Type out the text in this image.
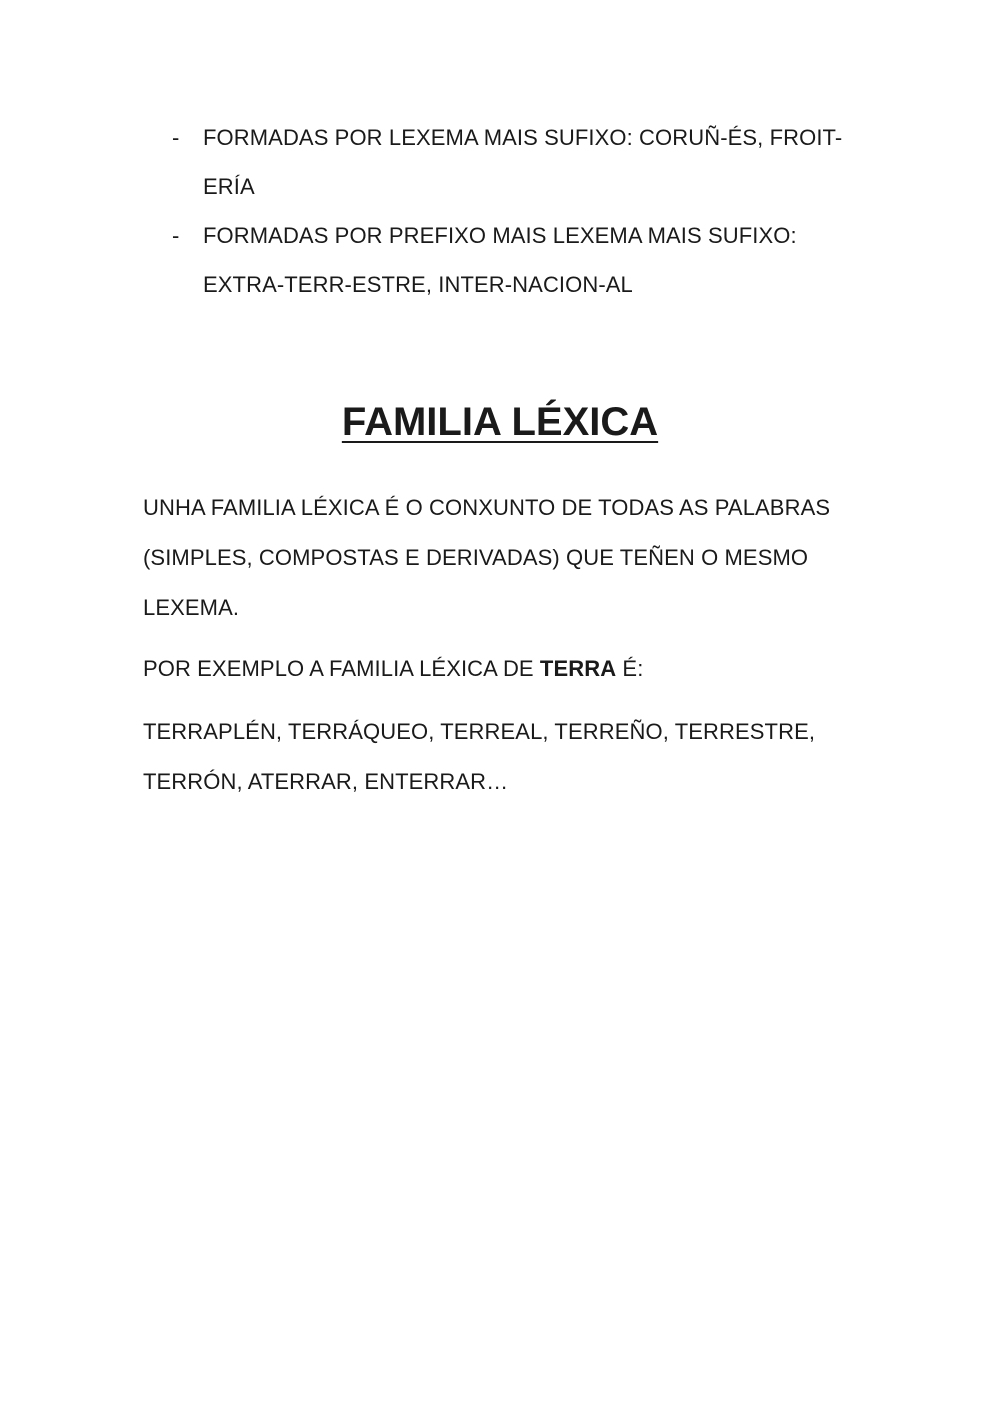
- FORMADAS POR LEXEMA MAIS SUFIXO: CORUÑ-ÉS, FROIT-ERÍA
- FORMADAS POR PREFIXO MAIS LEXEMA MAIS SUFIXO: EXTRA-TERR-ESTRE, INTER-NACION-AL
FAMILIA LÉXICA

UNHA FAMILIA LÉXICA É O CONXUNTO DE TODAS AS PALABRAS (SIMPLES, COMPOSTAS E DERIVADAS) QUE TEÑEN O MESMO LEXEMA.

POR EXEMPLO A FAMILIA LÉXICA DE TERRA É:

TERRAPLÉN, TERRÁQUEO, TERREAL, TERREÑO, TERRESTRE, TERRÓN, ATERRAR, ENTERRAR…
